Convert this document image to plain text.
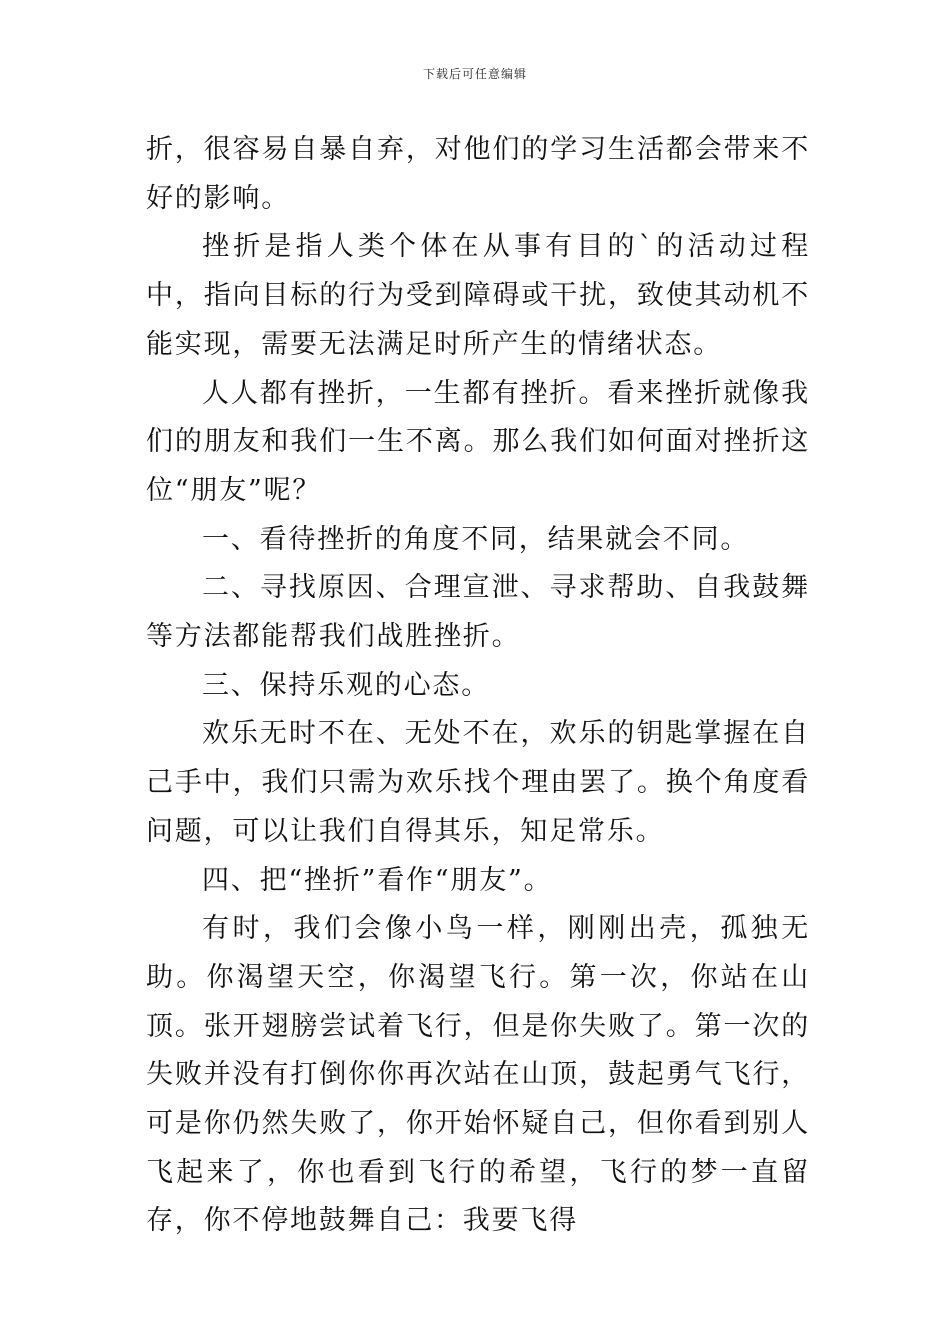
下载后可任意编辑

折，很容易自暴自弃，对他们的学习生活都会带来不好的影响。

挫折是指人类个体在从事有目的`的活动过程中，指向目标的行为受到障碍或干扰，致使其动机不能实现，需要无法满足时所产生的情绪状态。

人人都有挫折，一生都有挫折。看来挫折就像我们的朋友和我们一生不离。那么我们如何面对挫折这位“朋友”呢？

一、看待挫折的角度不同，结果就会不同。

二、寻找原因、合理宣泄、寻求帮助、自我鼓舞等方法都能帮我们战胜挫折。

三、保持乐观的心态。

欢乐无时不在、无处不在，欢乐的钥匙掌握在自己手中，我们只需为欢乐找个理由罢了。换个角度看问题，可以让我们自得其乐，知足常乐。

四、把“挫折”看作“朋友”。

有时，我们会像小鸟一样，刚刚出壳，孤独无助。你渴望天空，你渴望飞行。第一次，你站在山顶。张开翅膀尝试着飞行，但是你失败了。第一次的失败并没有打倒你你再次站在山顶，鼓起勇气飞行，可是你仍然失败了，你开始怀疑自己，但你看到别人飞起来了，你也看到飞行的希望，飞行的梦一直留存，你不停地鼓舞自己：我要飞得
